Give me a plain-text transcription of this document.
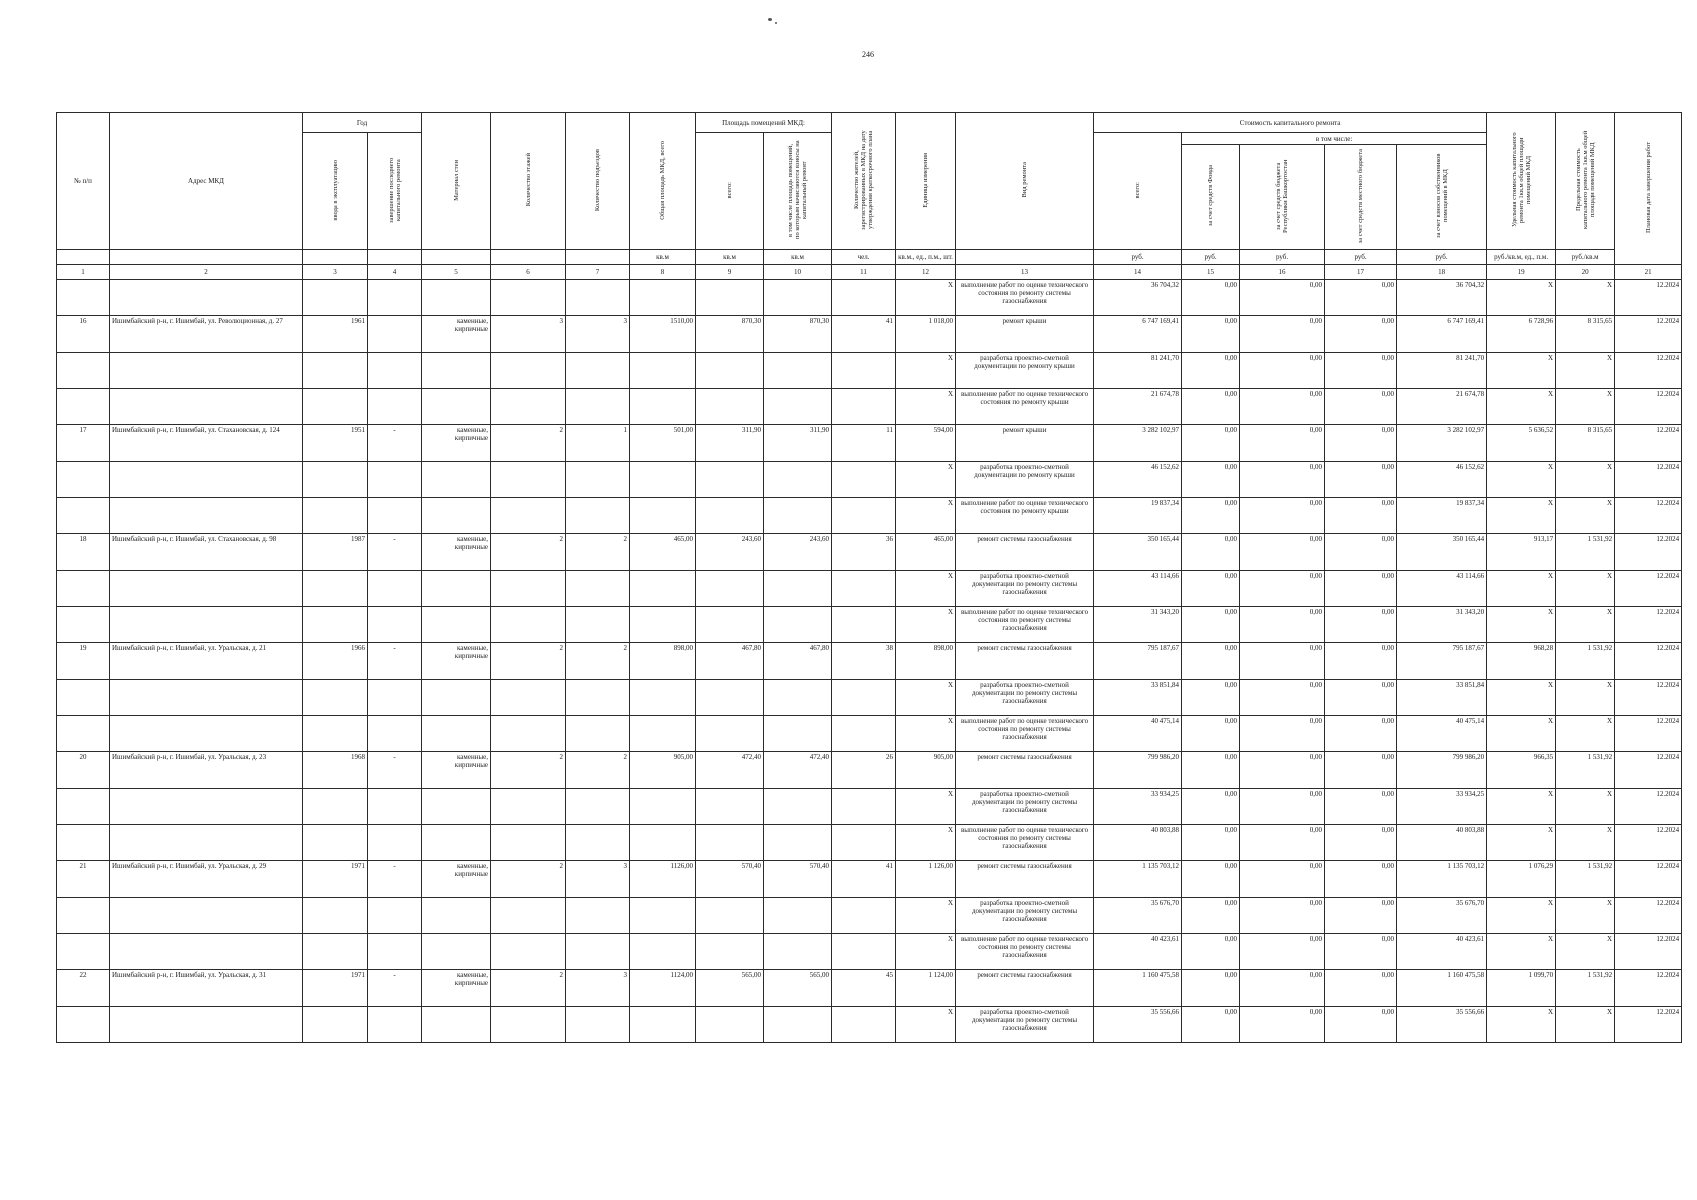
246
№ п/п	Адрес МКД	Год		Материал стен	Количество этажей	Количество подъездов	Общая площадь МКД, всего	Площадь помещений МКД:		Количество жителей, зарегистрированных в МКД на дату утверждения краткосрочного плана	Единица измерения	Вид ремонта	Стоимость капитального ремонта					Удельная стоимость капитального ремонта 1кв.м общей площади помещений МКД	Предельная стоимость капитального ремонта 1кв.м общей площади помещений МКД	Плановая дата завершения работ
		ввода в эксплуатацию	завершение последнего капитального ремонта					всего:	в том числе площадь помещений, по которым начисляются взносы на капитальный ремонт				всего:	в том числе:						
														за счет средств Фонда	за счет средств бюджета Республики Башкортостан	за счет средств местного бюджета	за счет взносов собственников помещений в МКД			
							кв.м	кв.м	кв.м	чел.	кв.м., ед., п.м., шт.		руб.	руб.	руб.	руб.	руб.	руб./кв.м, ед., п.м.	руб./кв.м	
1	2	3	4	5	6	7	8	9	10	11	12	13	14	15	16	17	18	19	20	21
											X	выполнение работ по оценке технического состояния по ремонту системы газоснабжения	36 704,32	0,00	0,00	0,00	36 704,32	X	X	12.2024
16	Ишимбайский р-н, г. Ишимбай, ул. Революционная, д. 27	1961		каменные, кирпичные	3	3	1510,00	870,30	870,30	41	1 018,00	ремонт крыши	6 747 169,41	0,00	0,00	0,00	6 747 169,41	6 728,96	8 315,65	12.2024
											X	разработка проектно-сметной документации по ремонту крыши	81 241,70	0,00	0,00	0,00	81 241,70	X	X	12.2024
											X	выполнение работ по оценке технического состояния по ремонту крыши	21 674,78	0,00	0,00	0,00	21 674,78	X	X	12.2024
17	Ишимбайский р-н, г. Ишимбай, ул. Стахановская, д. 124	1951	-	каменные, кирпичные	2	1	501,00	311,90	311,90	11	594,00	ремонт крыши	3 282 102,97	0,00	0,00	0,00	3 282 102,97	5 636,52	8 315,65	12.2024
											X	разработка проектно-сметной документации по ремонту крыши	46 152,62	0,00	0,00	0,00	46 152,62	X	X	12.2024
											X	выполнение работ по оценке технического состояния по ремонту крыши	19 837,34	0,00	0,00	0,00	19 837,34	X	X	12.2024
18	Ишимбайский р-н, г. Ишимбай, ул. Стахановская, д. 98	1987	-	каменные, кирпичные	2	2	465,00	243,60	243,60	36	465,00	ремонт системы газоснабжения	350 165,44	0,00	0,00	0,00	350 165,44	913,17	1 531,92	12.2024
											X	разработка проектно-сметной документации по ремонту системы газоснабжения	43 114,66	0,00	0,00	0,00	43 114,66	X	X	12.2024
											X	выполнение работ по оценке технического состояния по ремонту системы газоснабжения	31 343,20	0,00	0,00	0,00	31 343,20	X	X	12.2024
19	Ишимбайский р-н, г. Ишимбай, ул. Уральская, д. 21	1966	-	каменные, кирпичные	2	2	898,00	467,80	467,80	38	898,00	ремонт системы газоснабжения	795 187,67	0,00	0,00	0,00	795 187,67	968,28	1 531,92	12.2024
											X	разработка проектно-сметной документации по ремонту системы газоснабжения	33 851,84	0,00	0,00	0,00	33 851,84	X	X	12.2024
											X	выполнение работ по оценке технического состояния по ремонту системы газоснабжения	40 475,14	0,00	0,00	0,00	40 475,14	X	X	12.2024
20	Ишимбайский р-н, г. Ишимбай, ул. Уральская, д. 23	1968	-	каменные, кирпичные	2	2	905,00	472,40	472,40	26	905,00	ремонт системы газоснабжения	799 986,20	0,00	0,00	0,00	799 986,20	966,35	1 531,92	12.2024
											X	разработка проектно-сметной документации по ремонту системы газоснабжения	33 934,25	0,00	0,00	0,00	33 934,25	X	X	12.2024
											X	выполнение работ по оценке технического состояния по ремонту системы газоснабжения	40 803,88	0,00	0,00	0,00	40 803,88	X	X	12.2024
21	Ишимбайский р-н, г. Ишимбай, ул. Уральская, д. 29	1971	-	каменные, кирпичные	2	3	1126,00	570,40	570,40	41	1 126,00	ремонт системы газоснабжения	1 135 703,12	0,00	0,00	0,00	1 135 703,12	1 076,29	1 531,92	12.2024
											X	разработка проектно-сметной документации по ремонту системы газоснабжения	35 676,70	0,00	0,00	0,00	35 676,70	X	X	12.2024
											X	выполнение работ по оценке технического состояния по ремонту системы газоснабжения	40 423,61	0,00	0,00	0,00	40 423,61	X	X	12.2024
22	Ишимбайский р-н, г. Ишимбай, ул. Уральская, д. 31	1971	-	каменные, кирпичные	2	3	1124,00	565,00	565,00	45	1 124,00	ремонт системы газоснабжения	1 160 475,58	0,00	0,00	0,00	1 160 475,58	1 099,70	1 531,92	12.2024
											X	разработка проектно-сметной документации по ремонту системы газоснабжения	35 556,66	0,00	0,00	0,00	35 556,66	X	X	12.2024
